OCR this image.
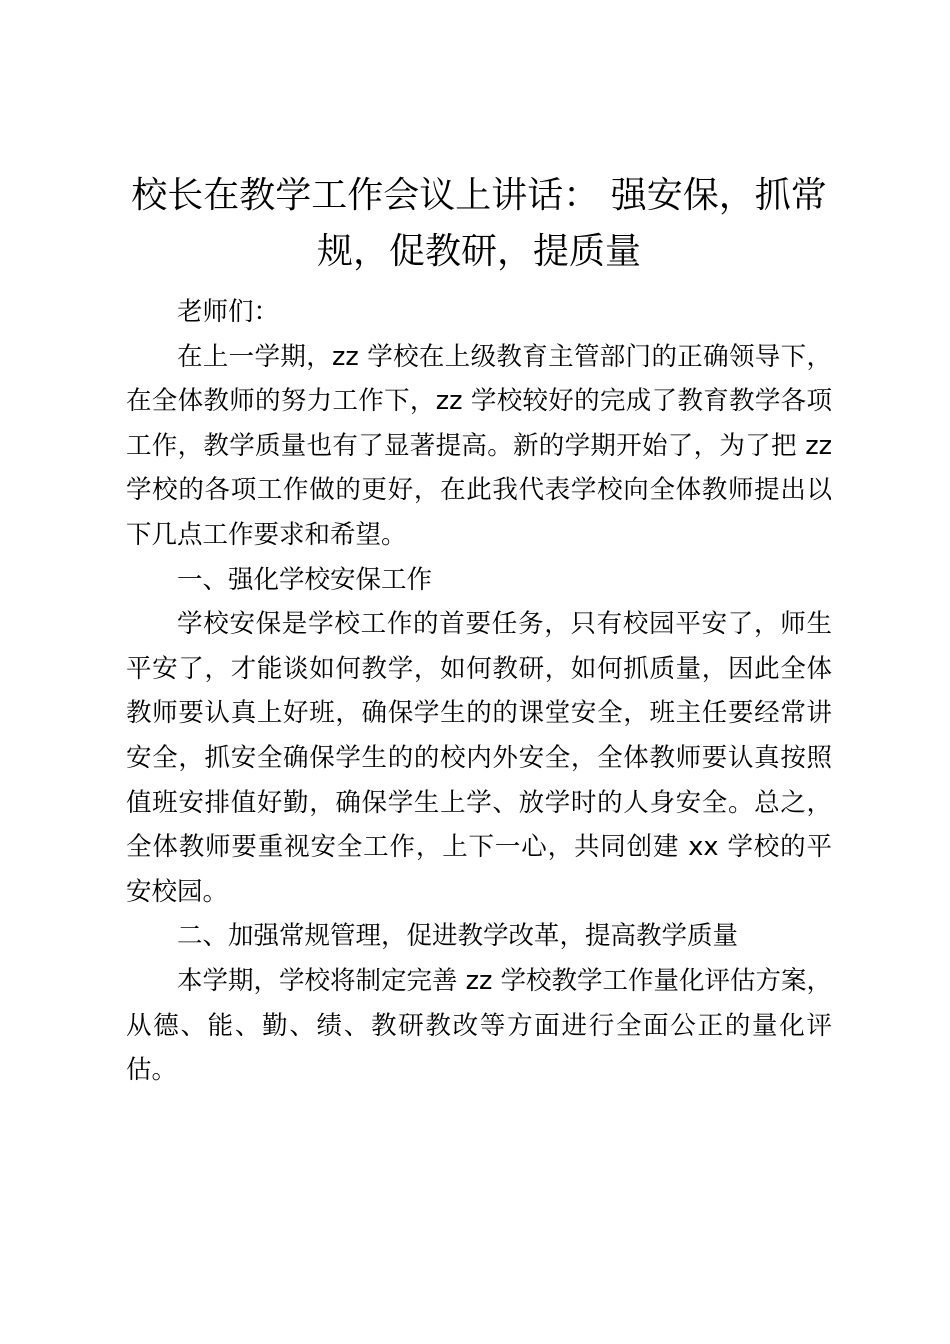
校长在教学工作会议上讲话： 强安保，抓常规，促教研，提质量

老师们：

在上一学期，zz 学校在上级教育主管部门的正确领导下，在全体教师的努力工作下，zz 学校较好的完成了教育教学各项工作，教学质量也有了显著提高。新的学期开始了，为了把 zz 学校的各项工作做的更好，在此我代表学校向全体教师提出以下几点工作要求和希望。

一、强化学校安保工作

学校安保是学校工作的首要任务，只有校园平安了，师生平安了，才能谈如何教学，如何教研，如何抓质量，因此全体教师要认真上好班，确保学生的的课堂安全，班主任要经常讲安全，抓安全确保学生的的校内外安全，全体教师要认真按照值班安排值好勤，确保学生上学、放学时的人身安全。总之，全体教师要重视安全工作，上下一心，共同创建 xx 学校的平安校园。

二、加强常规管理，促进教学改革，提高教学质量

本学期，学校将制定完善 zz 学校教学工作量化评估方案，从德、能、勤、绩、教研教改等方面进行全面公正的量化评估。
